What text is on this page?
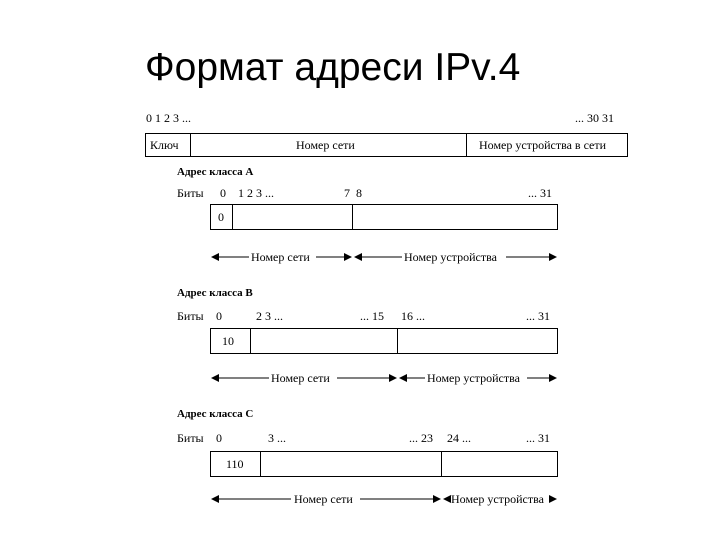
Формат адреси IPv.4
0 1 2 3 ...	... 30 31
Ключ	Номер сети	Номер устройства в сети
Адрес класса А
Биты 0 1 2 3 ...	7 8	... 31
0
Адрес класса В
Биты 0	2 3 ...	... 15 16 ...	... 31
10
Адрес класса С
Биты 0	3 ...	... 23 24 ...	... 31
110
Номер сети	Номер устройства
Номер сети	Номер устройства
Номер сети	Номер устройства
